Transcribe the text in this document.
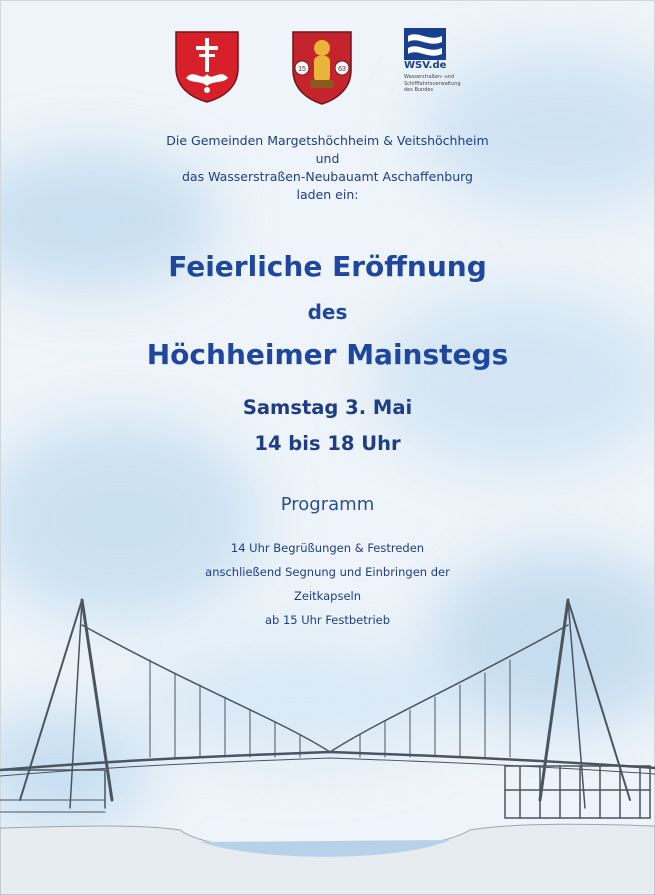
15	63	WSV.de
Wasserstraßen- und
Schifffahrtsverwaltung
des Bundes
Die Gemeinden Margetshöchheim & Veitshöchheim
und
das Wasserstraßen-Neubauamt Aschaffenburg
laden ein:
Feierliche Eröffnung
des
Höchheimer Mainstegs
Samstag 3. Mai
14 bis 18 Uhr
Programm
14 Uhr Begrüßungen & Festreden
anschließend Segnung und Einbringen der
Zeitkapseln
ab 15 Uhr Festbetrieb
